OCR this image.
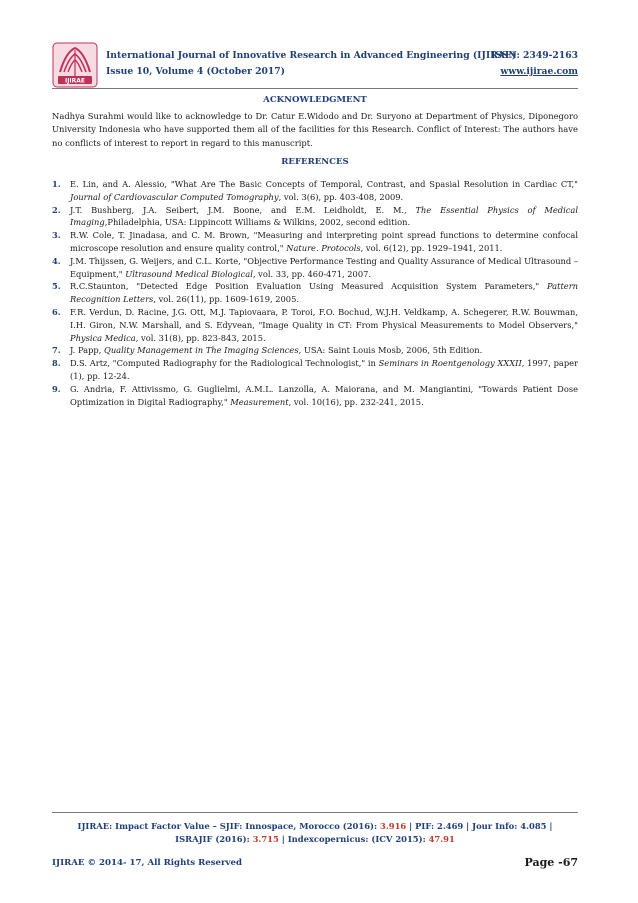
IJIRAE
International Journal of Innovative Research in Advanced Engineering (IJIRAE)
ISSN: 2349-2163
Issue 10, Volume 4 (October 2017)	www.ijirae.com
ACKNOWLEDGMENT
Nadhya Surahmi would like to acknowledge to Dr. Catur E.Widodo and Dr. Suryono at Department of Physics, Diponegoro University Indonesia who have supported them all of the facilities for this Research. Conflict of Interest: The authors have no conflicts of interest to report in regard to this manuscript.
REFERENCES
1. E. Lin, and A. Alessio, "What Are The Basic Concepts of Temporal, Contrast, and Spasial Resolution in Cardiac CT," Journal of Cardiovascular Computed Tomography, vol. 3(6), pp. 403-408, 2009.
2. J.T. Bushberg, J.A. Seibert, J.M. Boone, and E.M. Leidholdt, E. M., The Essential Physics of Medical Imaging,Philadelphia, USA: Lippincott Williams & Wilkins, 2002, second edition.
3. R.W. Cole, T. Jinadasa, and C. M. Brown, "Measuring and interpreting point spread functions to determine confocal microscope resolution and ensure quality control," Nature. Protocols, vol. 6(12), pp. 1929–1941, 2011.
4. J.M. Thijssen, G. Weijers, and C.L. Korte, "Objective Performance Testing and Quality Assurance of Medical Ultrasound –Equipment," Ultrasound Medical Biological, vol. 33, pp. 460-471, 2007.
5. R.C.Staunton, "Detected Edge Position Evaluation Using Measured Acquisition System Parameters," Pattern Recognition Letters, vol. 26(11), pp. 1609-1619, 2005.
6. F.R. Verdun, D. Racine, J.G. Ott, M.J. Tapiovaara, P. Toroi, F.O. Bochud, W.J.H. Veldkamp, A. Schegerer, R.W. Bouwman, I.H. Giron, N.W. Marshall, and S. Edyvean, "Image Quality in CT: From Physical Measurements to Model Observers," Physica Medica, vol. 31(8), pp. 823-843, 2015.
7. J. Papp, Quality Management in The Imaging Sciences, USA: Saint Louis Mosb, 2006, 5th Edition.
8. D.S. Artz, "Computed Radiography for the Radiological Technologist," in Seminars in Roentgenology XXXII, 1997, paper (1), pp. 12-24.
9. G. Andria, F. Attivissmo, G. Guglielmi, A.M.L. Lanzolla, A. Maiorana, and M. Mangiantini, "Towards Patient Dose Optimization in Digital Radiography," Measurement, vol. 10(16), pp. 232-241, 2015.
IJIRAE: Impact Factor Value – SJIF: Innospace, Morocco (2016): 3.916 | PIF: 2.469 | Jour Info: 4.085 |
ISRAJIF (2016): 3.715 | Indexcopernicus: (ICV 2015): 47.91
IJIRAE © 2014- 17, All Rights Reserved	Page -67
